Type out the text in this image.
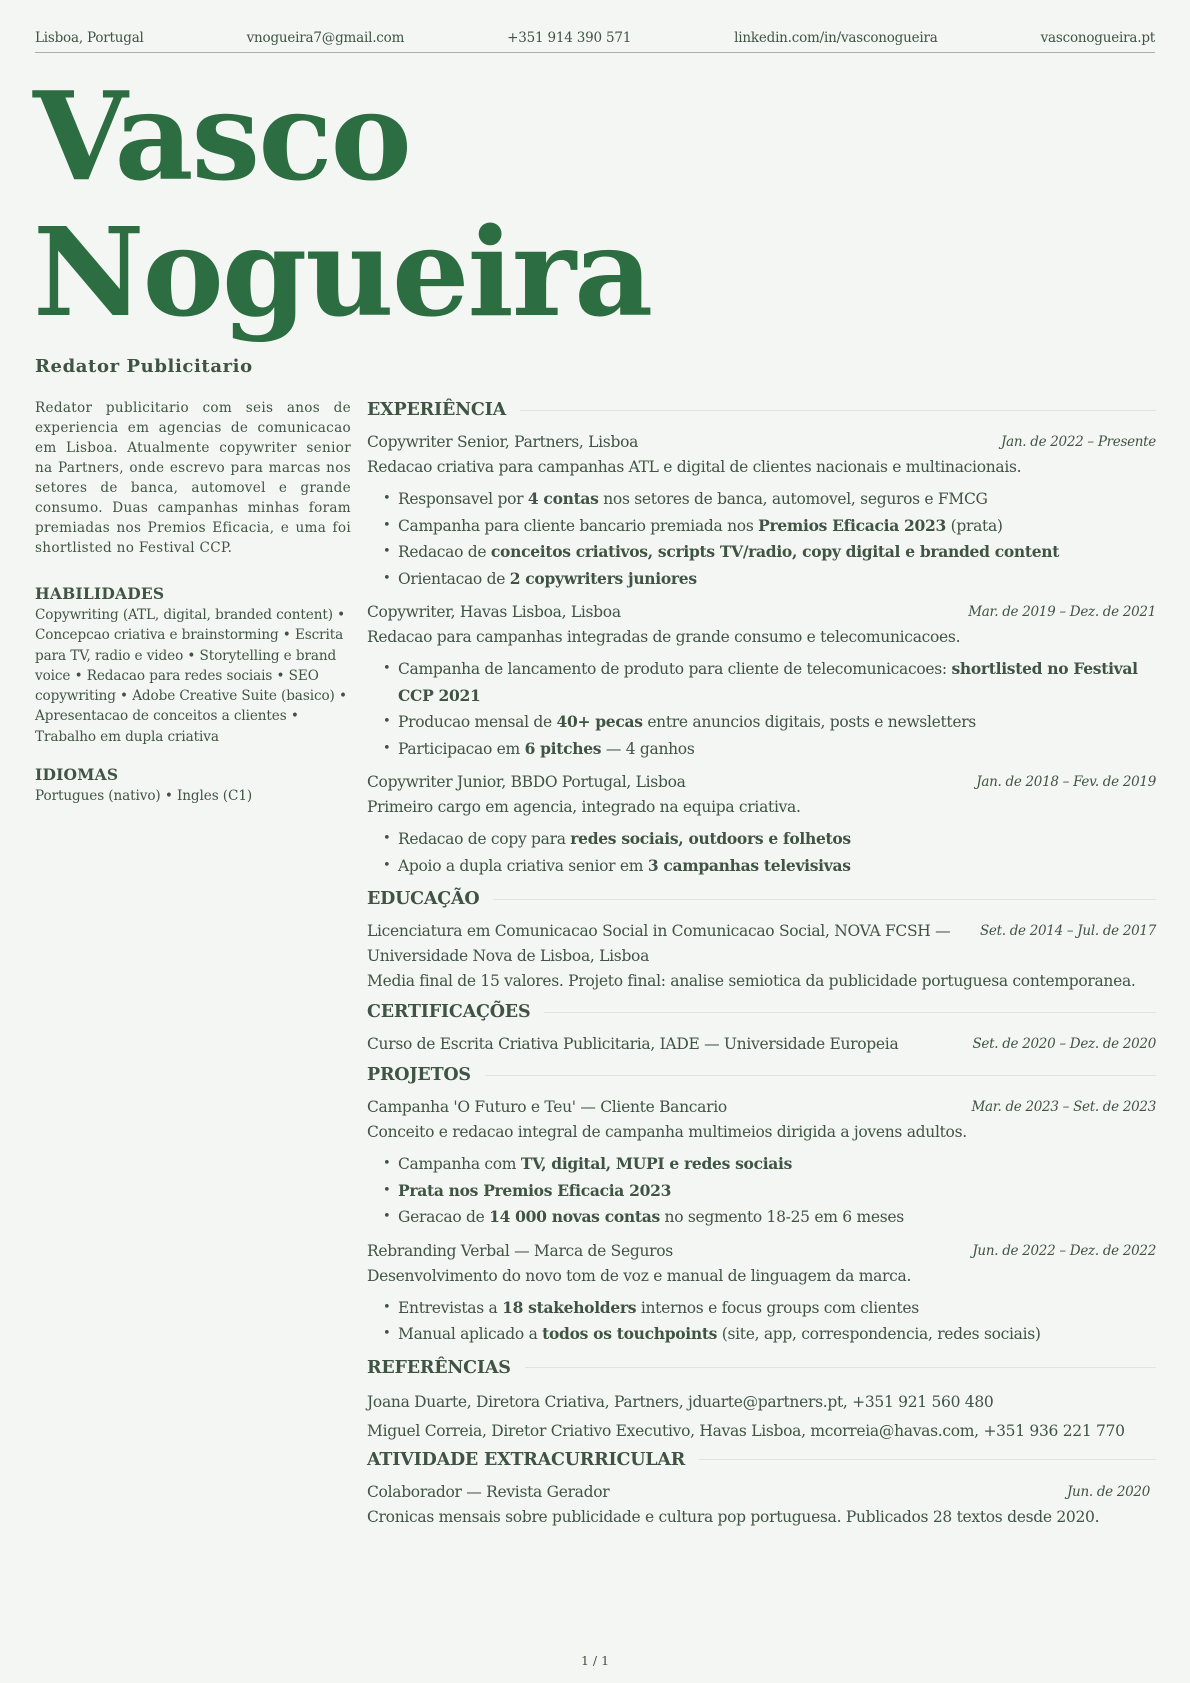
Lisboa, Portugal	vnogueira7@gmail.com	+351 914 390 571	linkedin.com/in/vasconogueira	vasconogueira.pt
Vasco
Nogueira
Redator Publicitario

Redator publicitario com seis anos de experiencia em agencias de comunicacao em Lisboa. Atualmente copywriter senior na Partners, onde escrevo para marcas nos setores de banca, automovel e grande consumo. Duas campanhas minhas foram premiadas nos Premios Eficacia, e uma foi shortlisted no Festival CCP.

HABILIDADES

Copywriting (ATL, digital, branded content) • Concepcao criativa e brainstorming • Escrita para TV, radio e video • Storytelling e brand voice • Redacao para redes sociais • SEO copywriting • Adobe Creative Suite (basico) • Apresentacao de conceitos a clientes • Trabalho em dupla criativa

IDIOMAS

Portugues (nativo) • Ingles (C1)

EXPERIÊNCIA
Copywriter Senior, Partners, Lisboa	Jan. de 2022 – Presente
Redacao criativa para campanhas ATL e digital de clientes nacionais e multinacionais.
• Responsavel por 4 contas nos setores de banca, automovel, seguros e FMCG
• Campanha para cliente bancario premiada nos Premios Eficacia 2023 (prata)
• Redacao de conceitos criativos, scripts TV/radio, copy digital e branded content
• Orientacao de 2 copywriters juniores
Copywriter, Havas Lisboa, Lisboa	Mar. de 2019 – Dez. de 2021
Redacao para campanhas integradas de grande consumo e telecomunicacoes.
• Campanha de lancamento de produto para cliente de telecomunicacoes: shortlisted no Festival CCP 2021
• Producao mensal de 40+ pecas entre anuncios digitais, posts e newsletters
• Participacao em 6 pitches — 4 ganhos
Copywriter Junior, BBDO Portugal, Lisboa	Jan. de 2018 – Fev. de 2019
Primeiro cargo em agencia, integrado na equipa criativa.
• Redacao de copy para redes sociais, outdoors e folhetos
• Apoio a dupla criativa senior em 3 campanhas televisivas
EDUCAÇÃO
Licenciatura em Comunicacao Social in Comunicacao Social, NOVA FCSH — Universidade Nova de Lisboa, Lisboa
Set. de 2014 – Jul. de 2017
Media final de 15 valores. Projeto final: analise semiotica da publicidade portuguesa contemporanea.
CERTIFICAÇÕES
Curso de Escrita Criativa Publicitaria, IADE — Universidade Europeia	Set. de 2020 – Dez. de 2020
PROJETOS
Campanha 'O Futuro e Teu' — Cliente Bancario	Mar. de 2023 – Set. de 2023
Conceito e redacao integral de campanha multimeios dirigida a jovens adultos.
• Campanha com TV, digital, MUPI e redes sociais
• Prata nos Premios Eficacia 2023
• Geracao de 14 000 novas contas no segmento 18-25 em 6 meses
Rebranding Verbal — Marca de Seguros	Jun. de 2022 – Dez. de 2022
Desenvolvimento do novo tom de voz e manual de linguagem da marca.
• Entrevistas a 18 stakeholders internos e focus groups com clientes
• Manual aplicado a todos os touchpoints (site, app, correspondencia, redes sociais)
REFERÊNCIAS
Joana Duarte, Diretora Criativa, Partners, jduarte@partners.pt, +351 921 560 480
Miguel Correia, Diretor Criativo Executivo, Havas Lisboa, mcorreia@havas.com, +351 936 221 770
ATIVIDADE EXTRACURRICULAR
Colaborador — Revista Gerador	Jun. de 2020
Cronicas mensais sobre publicidade e cultura pop portuguesa. Publicados 28 textos desde 2020.
1 / 1
